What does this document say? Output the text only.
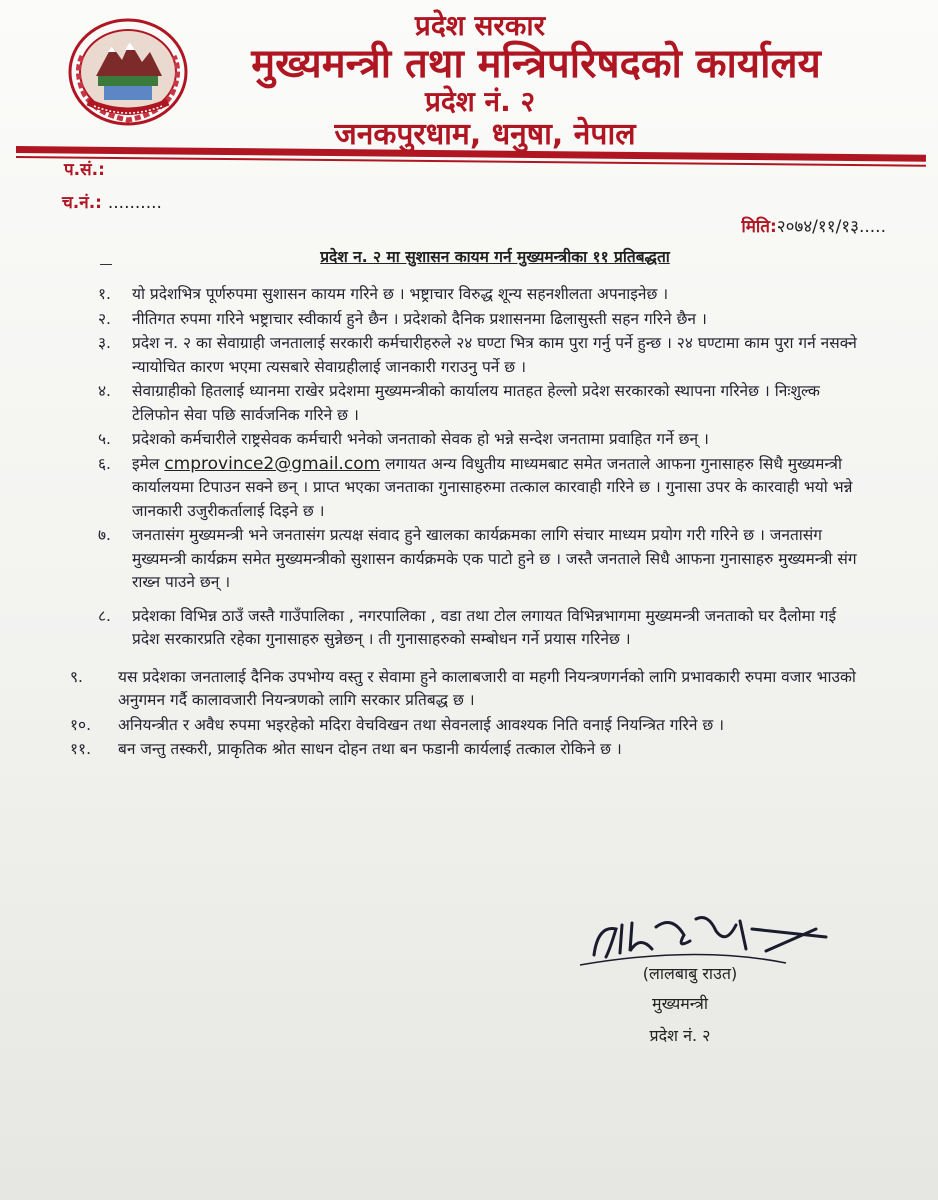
प्रदेश सरकार
मुख्यमन्त्री तथा मन्त्रिपरिषदको कार्यालय
प्रदेश नं. २
जनकपुरधाम, धनुषा, नेपाल
प.सं.:
च.नं.: ..........
मिति:२०७४/११/१३.....
प्रदेश न. २ मा सुशासन कायम गर्न मुख्यमन्त्रीका ११ प्रतिबद्धता
१. यो प्रदेशभित्र पूर्णरुपमा सुशासन कायम गरिने छ । भष्ट्राचार विरुद्ध शून्य सहनशीलता अपनाइनेछ ।
२. नीतिगत रुपमा गरिने भष्ट्राचार स्वीकार्य हुने छैन । प्रदेशको दैनिक प्रशासनमा ढिलासुस्ती सहन गरिने छैन ।
३. प्रदेश न. २ का सेवाग्राही जनतालाई सरकारी कर्मचारीहरुले २४ घण्टा भित्र काम पुरा गर्नु पर्ने हुन्छ । २४ घण्टामा काम पुरा गर्न नसक्ने न्यायोचित कारण भएमा त्यसबारे सेवाग्रहीलाई जानकारी गराउनु पर्ने छ ।
४. सेवाग्राहीको हितलाई ध्यानमा राखेर प्रदेशमा मुख्यमन्त्रीको कार्यालय मातहत हेल्लो प्रदेश सरकारको स्थापना गरिनेछ । निःशुल्क टेलिफोन सेवा पछि सार्वजनिक गरिने छ ।
५. प्रदेशको कर्मचारीले राष्ट्रसेवक कर्मचारी भनेको जनताको सेवक हो भन्ने सन्देश जनतामा प्रवाहित गर्ने छन् ।
६. इमेल cmprovince2@gmail.com लगायत अन्य विधुतीय माध्यमबाट समेत जनताले आफना गुनासाहरु सिधै मुख्यमन्त्री कार्यालयमा टिपाउन सक्ने छन् । प्राप्त भएका जनताका गुनासाहरुमा तत्काल कारवाही गरिने छ । गुनासा उपर के कारवाही भयो भन्ने जानकारी उजुरीकर्तालाई दिइने छ ।
७. जनतासंग मुख्यमन्त्री भने जनतासंग प्रत्यक्ष संवाद हुने खालका कार्यक्रमका लागि संचार माध्यम प्रयोग गरी गरिने छ । जनतासंग मुख्यमन्त्री कार्यक्रम समेत मुख्यमन्त्रीको सुशासन कार्यक्रमके एक पाटो हुने छ । जस्तै जनताले सिधै आफना गुनासाहरु मुख्यमन्त्री संग राख्न पाउने छन् ।
८. प्रदेशका विभिन्न ठाउँ जस्तै गाउँपालिका , नगरपालिका , वडा तथा टोल लगायत विभिन्नभागमा मुख्यमन्त्री जनताको घर दैलोमा गई प्रदेश सरकारप्रति रहेका गुनासाहरु सुन्नेछन् । ती गुनासाहरुको सम्बोधन गर्ने प्रयास गरिनेछ ।
९. यस प्रदेशका जनतालाई दैनिक उपभोग्य वस्तु र सेवामा हुने कालाबजारी वा महगी नियन्त्रणगर्नको लागि प्रभावकारी रुपमा वजार भाउको अनुगमन गर्दै कालावजारी नियन्त्रणको लागि सरकार प्रतिबद्ध छ ।
१०. अनियन्त्रीत र अवैध रुपमा भइरहेको मदिरा वेचविखन तथा सेवनलाई आवश्यक निति वनाई नियन्त्रित गरिने छ ।
११. बन जन्तु तस्करी, प्राकृतिक श्रोत साधन दोहन तथा बन फडानी कार्यलाई तत्काल रोकिने छ ।
(लालबाबु राउत)
मुख्यमन्त्री
प्रदेश नं. २
